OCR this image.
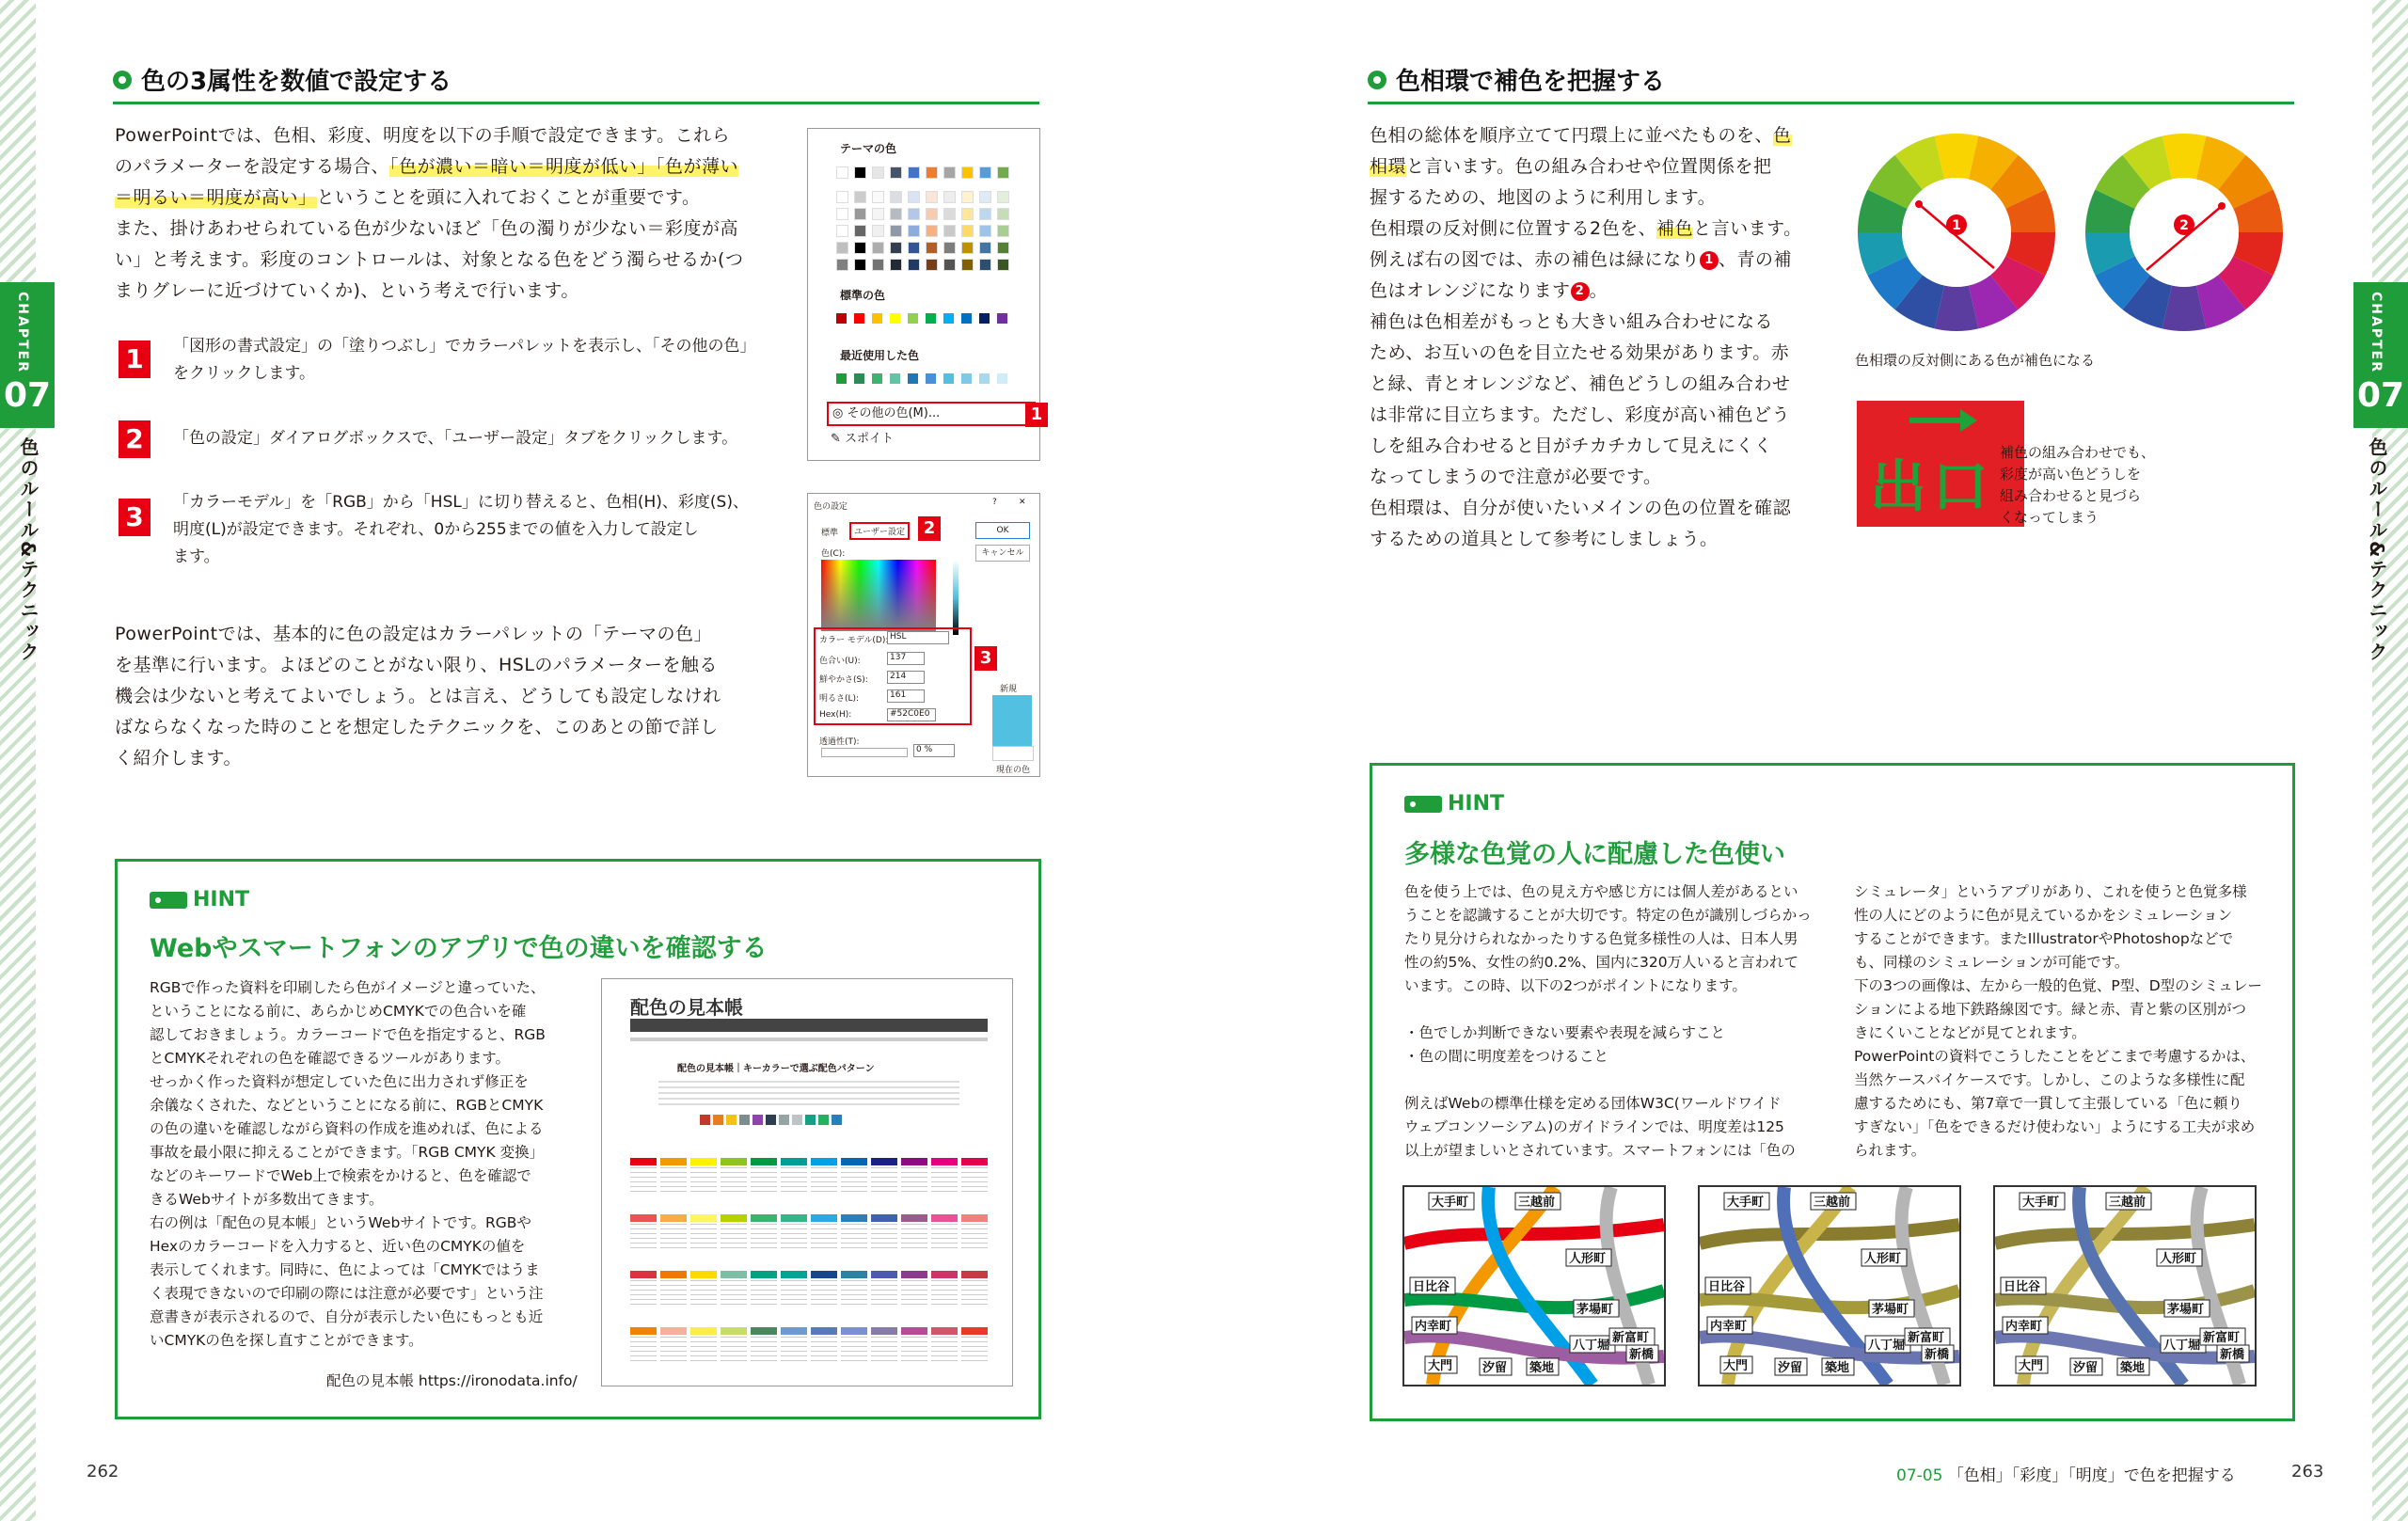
CHAPTER
07
色のルール&テクニック
CHAPTER
07
色のルール&テクニック
色の3属性を数値で設定する
PowerPointでは、色相、彩度、明度を以下の手順で設定できます。これら
のパラメーターを設定する場合、「色が濃い＝暗い＝明度が低い」「色が薄い
＝明るい＝明度が高い」ということを頭に入れておくことが重要です。
また、掛けあわせられている色が少ないほど「色の濁りが少ない＝彩度が高
い」と考えます。彩度のコントロールは、対象となる色をどう濁らせるか(つ
まりグレーに近づけていくか)、という考えで行います。
1	「図形の書式設定」の「塗りつぶし」でカラーパレットを表示し、「その他の色」
をクリックします。
2	「色の設定」ダイアログボックスで、「ユーザー設定」タブをクリックします。
3	「カラーモデル」を「RGB」から「HSL」に切り替えると、色相(H)、彩度(S)、
明度(L)が設定できます。それぞれ、0から255までの値を入力して設定し
ます。
PowerPointでは、基本的に色の設定はカラーパレットの「テーマの色」
を基準に行います。よほどのことがない限り、HSLのパラメーターを触る
機会は少ないと考えてよいでしょう。とは言え、どうしても設定しなけれ
ばならなくなった時のことを想定したテクニックを、このあとの節で詳し
く紹介します。
テーマの色
標準の色
最近使用した色
◎ その他の色(M)...
✎ スポイト
1
色の設定	?	✕
標準	ユーザー設定	OK
キャンセル
色(C):
カラー モデル(D): HSL
色合い(U):	137
鮮やかさ(S):	214
明るさ(L):	161
Hex(H):	#52C0E0
透過性(T):
0 %
新規
現在の色
2
3
HINT
Webやスマートフォンのアプリで色の違いを確認する
RGBで作った資料を印刷したら色がイメージと違っていた、
ということになる前に、あらかじめCMYKでの色合いを確
認しておきましょう。カラーコードで色を指定すると、RGB
とCMYKそれぞれの色を確認できるツールがあります。
せっかく作った資料が想定していた色に出力されず修正を
余儀なくされた、などということになる前に、RGBとCMYK
の色の違いを確認しながら資料の作成を進めれば、色による
事故を最小限に抑えることができます。「RGB CMYK 変換」
などのキーワードでWeb上で検索をかけると、色を確認で
きるWebサイトが多数出てきます。
右の例は「配色の見本帳」というWebサイトです。RGBや
Hexのカラーコードを入力すると、近い色のCMYKの値を
表示してくれます。同時に、色によっては「CMYKではうま
く表現できないので印刷の際には注意が必要です」という注
意書きが表示されるので、自分が表示したい色にもっとも近
いCMYKの色を探し直すことができます。
配色の見本帳 https://ironodata.info/
配色の見本帳
配色の見本帳｜キーカラーで選ぶ配色パターン
262
色相環で補色を把握する
色相の総体を順序立てて円環上に並べたものを、色
相環と言います。色の組み合わせや位置関係を把
握するための、地図のように利用します。
色相環の反対側に位置する2色を、補色と言います。
例えば右の図では、赤の補色は緑になり 1 、青の補
色はオレンジになります 2 。
補色は色相差がもっとも大きい組み合わせになる
ため、お互いの色を目立たせる効果があります。赤
と緑、青とオレンジなど、補色どうしの組み合わせ
は非常に目立ちます。ただし、彩度が高い補色どう
しを組み合わせると目がチカチカして見えにくく
なってしまうので注意が必要です。
色相環は、自分が使いたいメインの色の位置を確認
するための道具として参考にしましょう。
1	2
色相環の反対側にある色が補色になる
出口
補色の組み合わせでも、
彩度が高い色どうしを
組み合わせると見づら
くなってしまう
HINT
多様な色覚の人に配慮した色使い
色を使う上では、色の見え方や感じ方には個人差があるとい
うことを認識することが大切です。特定の色が識別しづらかっ
たり見分けられなかったりする色覚多様性の人は、日本人男
性の約5%、女性の約0.2%、国内に320万人いると言われて
います。この時、以下の2つがポイントになります。
・色でしか判断できない要素や表現を減らすこと
・色の間に明度差をつけること
例えばWebの標準仕様を定める団体W3C(ワールドワイド
ウェブコンソーシアム)のガイドラインでは、明度差は125
以上が望ましいとされています。スマートフォンには「色の
シミュレータ」というアプリがあり、これを使うと色覚多様
性の人にどのように色が見えているかをシミュレーション
することができます。またIllustratorやPhotoshopなどで
も、同様のシミュレーションが可能です。
下の3つの画像は、左から一般的色覚、P型、D型のシミュレー
ションによる地下鉄路線図です。緑と赤、青と紫の区別がつ
きにくいことなどが見てとれます。
PowerPointの資料でこうしたことをどこまで考慮するかは、
当然ケースバイケースです。しかし、このような多様性に配
慮するためにも、第7章で一貫して主張している「色に頼り
すぎない」「色をできるだけ使わない」ようにする工夫が求め
られます。
大手町	三越前
日比谷
人形町
茅場町
八丁堀
築地
新富町
大門 汐留
内幸町
新橋
大手町	三越前
日比谷
人形町
茅場町
八丁堀
築地
新富町
大門 汐留
内幸町
新橋
大手町	三越前
日比谷
人形町
茅場町
八丁堀
築地
新富町
大門 汐留
内幸町
新橋
07-05 「色相」「彩度」「明度」で色を把握する	263
